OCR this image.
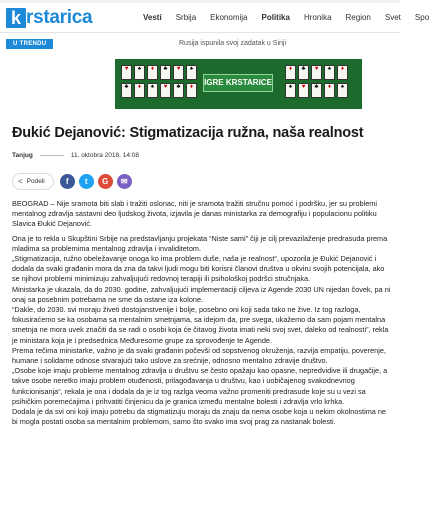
k rstarica	Vesti	Srbija	Ekonomija	Politika	Hronika	Region	Svet	Spo
U TRENDU	Rusija ispunila svoj zadatak u Siriji
♥	♠	♦	♣	♥	♠
♣	♦	♠	♥	♣	♦	IGRE KRSTARICE
♦	♣	♥	♠	♦
♠	♥	♣	♦	♠
Đukić Dejanović: Stigmatizacija ružna, naša realnost
Tanjug	11. oktobra 2018. 14:08
< Podeli	f	t	G	✉

BEOGRAD – Nije sramota biti slab i tražiti oslonac, niti je sramota tražiti stručnu pomoć i podršku, jer su problemi mentalnog zdravlja sastavni deo ljudskog života, izjavila je danas ministarka za demografiju i populacionu politiku Slavica Đukić Dejanović.

Ona je to rekla u Skupštini Srbije na predstavljanju projekata “Niste sami” čiji je cilj prevazilaženje predrasuda prema mladima sa problemima mentalnog zdravlja i invaliditetom.

„Stigmatizacija, ružno obeležavanje onoga ko ima problem duše, naša je realnost“, upozorila je Đukić Dejanović i dodala da svaki građanin mora da zna da takvi ljudi mogu biti korisni članovi društva u okviru svojih potencijala, ako se njihovi problemi minimizuju zahvaljujući redovnoj terapiji ili psihološkoj podršci stručnjaka.

Ministarka je ukazala, da do 2030. godine, zahvaljujući implementaciji ciljeva iz Agende 2030 UN nijedan čovek, pa ni onaj sa posebnim potrebama ne sme da ostane iza kolone.

“Dakle, do 2030. svi moraju živeti dostojanstvenije i bolje, posebno oni koji sada tako ne žive. Iz tog razloga, fokusiraćemo se ka osobama sa mentalnim smetnjama, sa idejom da, pre svega, ukažemo da sam pojam mentalna smetnja ne mora uvek značiti da se radi o osobi koja će čitavog života imati neki svoj svet, daleko od realnosti”, rekla je ministara koja je i predsednica Međuresorne grupe za sprovođenje te Agende.

Prema rečima ministarke, važno je da svaki građanin počevši od sopstvenog okruženja, razvija empatiju, poverenje, humane i solidarne odnose stvarajući tako uslove za srećnije, odnosno mentalno zdravije društvo.

„Osobe koje imaju probleme mentalnog zdravlja u društvu se često opažaju kao opasne, nepredvidive ili drugačije, a takve osobe neretko imaju problem otuđenosti, prilagođavanja u društvu, kao i uobičajenog svakodnevnog funkcionisanja“, rekala je ona i dodala da je iz tog razlga veoma važno promeniti predrasude koje su u vezi sa psihičkim poremećajima i prihvatiti činjenicu da je granica između mentalne bolesti i zdravlja vrlo krhka.

Dodala je da svi oni koji imaju potrebu da stigmatizuju moraju da znaju da nema osobe koja u nekim okolnostima ne bi mogla postati osoba sa mentalnim problemom, samo što svako ima svoj prag za nastanak bolesti.
